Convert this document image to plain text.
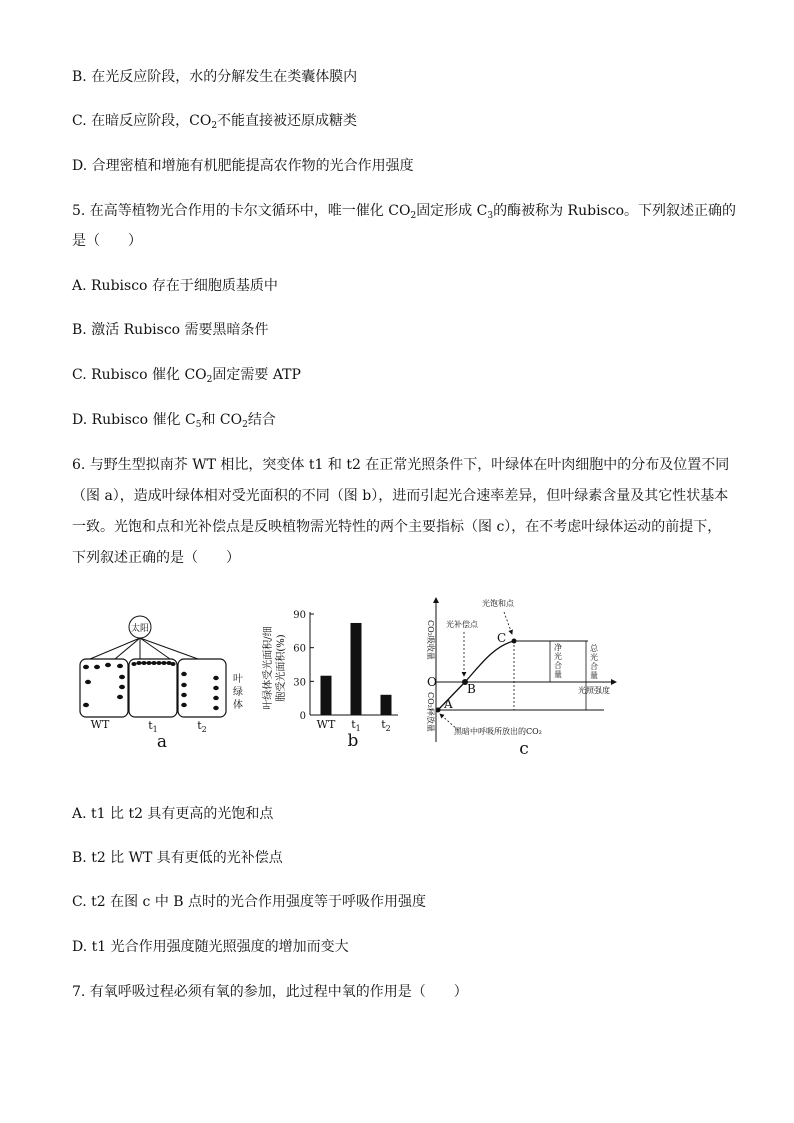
B. 在光反应阶段，水的分解发生在类囊体膜内
C. 在暗反应阶段，$CO_2$不能直接被还原成糖类
D. 合理密植和增施有机肥能提高农作物的光合作用强度
5. 在高等植物光合作用的卡尔文循环中，唯一催化 $CO_2$固定形成 $C_3$的酶被称为 Rubisco。下列叙述正确的
是（　　）
A. Rubisco 存在于细胞质基质中
B. 激活 Rubisco 需要黑暗条件
C. Rubisco 催化 $CO_2$固定需要 ATP
D. Rubisco 催化 $C_5$和 $CO_2$结合
6. 与野生型拟南芥 WT 相比，突变体 t1 和 t2 在正常光照条件下，叶绿体在叶肉细胞中的分布及位置不同
（图 a），造成叶绿体相对受光面积的不同（图 b），进而引起光合速率差异，但叶绿素含量及其它性状基本
一致。光饱和点和光补偿点是反映植物需光特性的两个主要指标（图 c），在不考虑叶绿体运动的前提下，
下列叙述正确的是（　　）
太阳
叶
绿
体
WT	$t_1$	$t_2$
a
叶绿体受光面积/细 胞受光面积(%)
0
30
60
90
WT $t_1$ $t_2$
b
CO₂吸收量
CO₂释放量
光照强度
O
A
B
C
光补偿点
光饱和点
净
光
合
量
总
光
合
量
黑暗中呼吸所放出的CO₂
c
A. t1 比 t2 具有更高的光饱和点
B. t2 比 WT 具有更低的光补偿点
C. t2 在图 c 中 B 点时的光合作用强度等于呼吸作用强度
D. t1 光合作用强度随光照强度的增加而变大
7. 有氧呼吸过程必须有氧的参加，此过程中氧的作用是（　　）
